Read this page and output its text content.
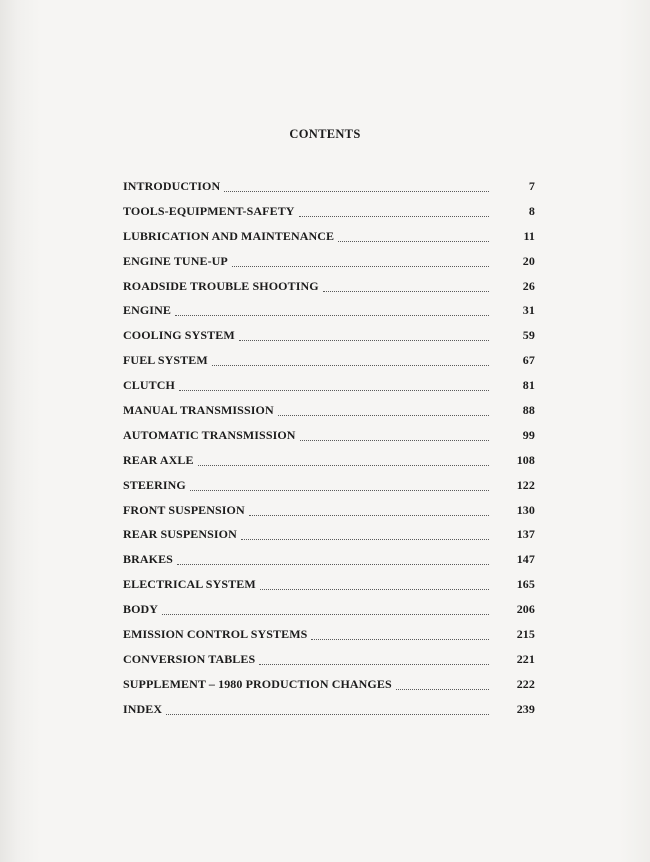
CONTENTS
INTRODUCTION	7
TOOLS-EQUIPMENT-SAFETY	8
LUBRICATION AND MAINTENANCE	11
ENGINE TUNE-UP	20
ROADSIDE TROUBLE SHOOTING	26
ENGINE	31
COOLING SYSTEM	59
FUEL SYSTEM	67
CLUTCH	81
MANUAL TRANSMISSION	88
AUTOMATIC TRANSMISSION	99
REAR AXLE	108
STEERING	122
FRONT SUSPENSION	130
REAR SUSPENSION	137
BRAKES	147
ELECTRICAL SYSTEM	165
BODY	206
EMISSION CONTROL SYSTEMS	215
CONVERSION TABLES	221
SUPPLEMENT – 1980 PRODUCTION CHANGES	222
INDEX	239
